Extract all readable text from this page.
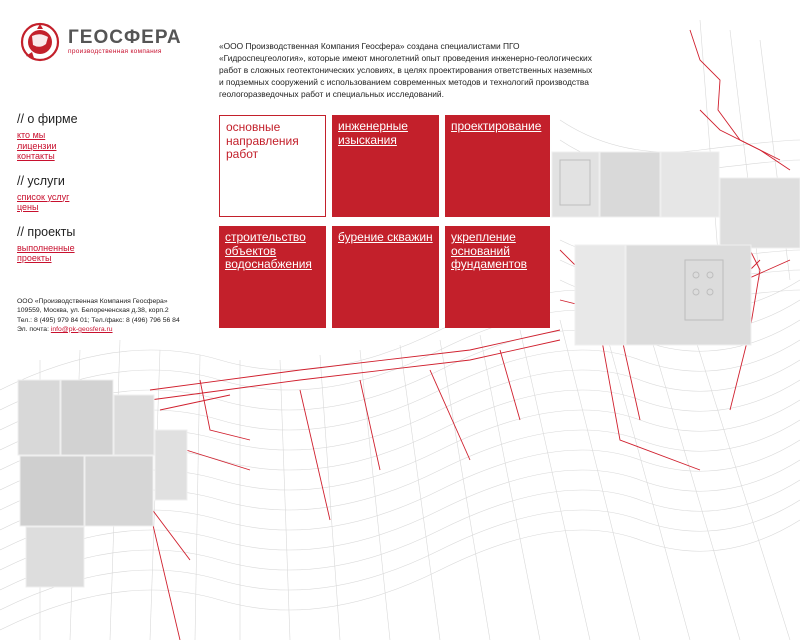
ГЕОСФЕРА
производственная компания
«ООО Производственная Компания Геосфера» создана специалистами ПГО «Гидроспецгеология», которые имеют многолетний опыт проведения инженерно-геологических работ в сложных геотектонических условиях, в целях проектирования ответственных наземных и подземных сооружений с использованием современных методов и технологий производства геологоразведочных работ и специальных исследований.
// о фирме
кто мы
лицензии
контакты
// услуги
список услуг
цены
// проекты
выполненные проекты
основные направления работ
инженерные изыскания
проектирование
строительство объектов водоснабжения
бурение скважин	укрепление оснований фундаментов
ООО «Производственная Компания Геосфера»
109559, Москва, ул. Белореченская д.38, корп.2
Тел.: 8 (495) 979 84 01; Тел./факс: 8 (496) 796 56 84
Эл. почта: info@pk-geosfera.ru
